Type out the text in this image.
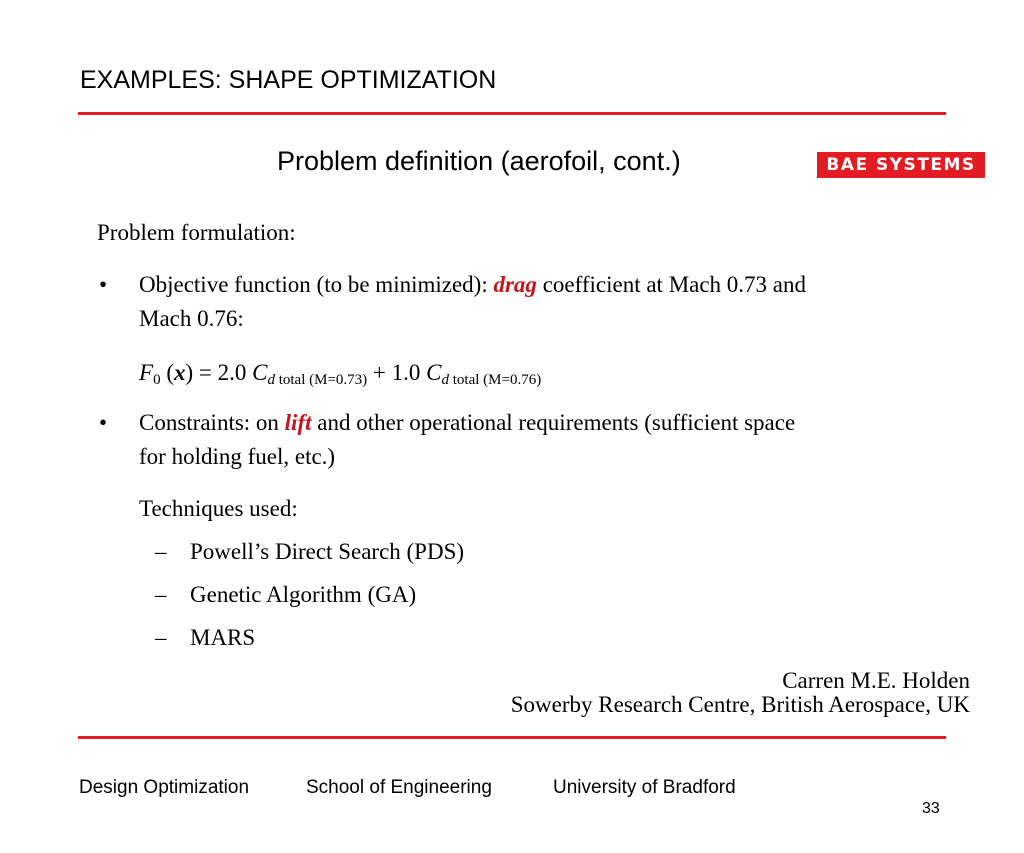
EXAMPLES: SHAPE OPTIMIZATION
Problem definition (aerofoil, cont.)	BAE SYSTEMS
Problem formulation:
• Objective function (to be minimized): drag coefficient at Mach 0.73 and
Mach 0.76:
$F_0$ (x) = 2.0 $C_d$ total (M=0.73) + 1.0 $C_d$ total (M=0.76)
• Constraints: on lift and other operational requirements (sufficient space
for holding fuel, etc.)
Techniques used:
– Powell’s Direct Search (PDS)
– Genetic Algorithm (GA)
– MARS
Carren M.E. Holden
Sowerby Research Centre, British Aerospace, UK
Design Optimization	School of Engineering	University of Bradford
33
